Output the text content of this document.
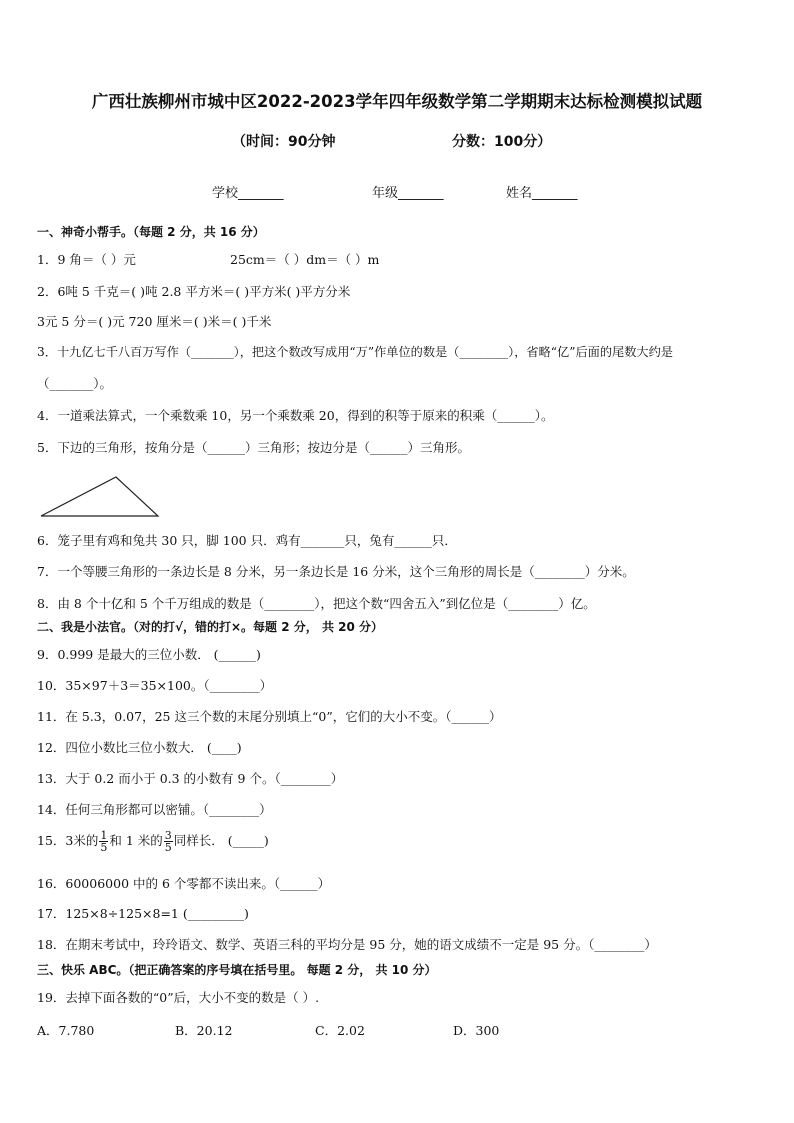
广西壮族柳州市城中区2022-2023学年四年级数学第二学期期末达标检测模拟试题
（时间：90分钟	分数：100分）
学校_______	年级_______	姓名_______
一、神奇小帮手。（每题 2 分，共 16 分）
1．9 角＝（ ）元	25cm＝（ ）dm＝（ ）m
2．6吨 5 千克＝( )吨 2.8 平方米＝( )平方米( )平方分米
3元 5 分＝( )元 720 厘米＝( )米＝( )千米
3．十九亿七千八百万写作（_______），把这个数改写成用“万”作单位的数是（________），省略“亿”后面的尾数大约是
（_______）。
4．一道乘法算式，一个乘数乘 10，另一个乘数乘 20，得到的积等于原来的积乘（______）。
5．下边的三角形，按角分是（______）三角形；按边分是（______）三角形。
6．笼子里有鸡和兔共 30 只，脚 100 只．鸡有_______只，兔有______只．
7．一个等腰三角形的一条边长是 8 分米，另一条边长是 16 分米，这个三角形的周长是（________）分米。
8．由 8 个十亿和 5 个千万组成的数是（________），把这个数“四舍五入”到亿位是（________）亿。
二、我是小法官。（对的打√，错的打×。每题 2 分， 共 20 分）
9．0.999 是最大的三位小数． (______)
10．35×97＋3＝35×100。（________）
11．在 5.3，0.07，25 这三个数的末尾分别填上“0”，它们的大小不变。（______）
12．四位小数比三位小数大． (____)
13．大于 0.2 而小于 0.3 的小数有 9 个。（________）
14．任何三角形都可以密铺。（________）
15．3米的 $\frac{1}{5}$ 和 1 米的 $\frac{3}{5}$ 同样长． (_____)
16．60006000 中的 6 个零都不读出来。（______）
17．125×8÷125×8=1 (_________)
18．在期末考试中，玲玲语文、数学、英语三科的平均分是 95 分，她的语文成绩不一定是 95 分。（________）
三、快乐 ABC。（把正确答案的序号填在括号里。 每题 2 分， 共 10 分）
19．去掉下面各数的“0”后，大小不变的数是（ ）.
A．7.780	B．20.12	C．2.02	D．300
